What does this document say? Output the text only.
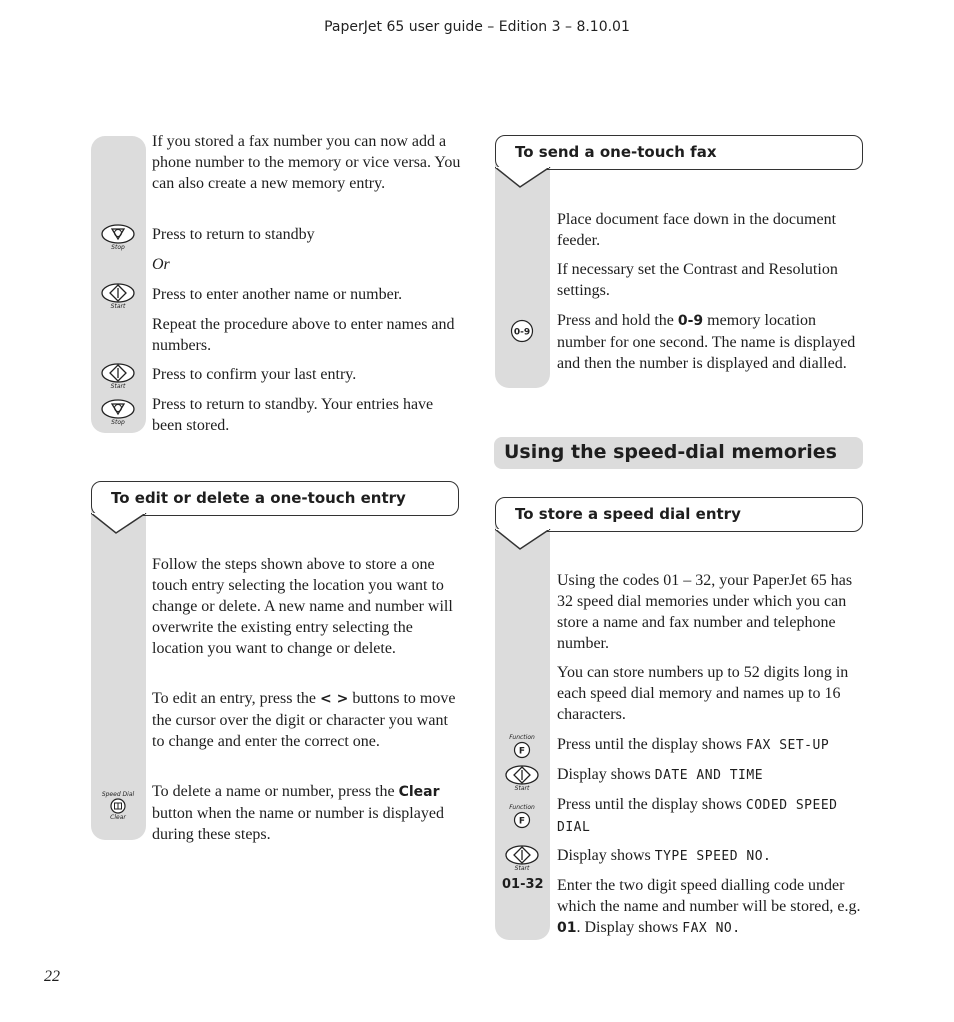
PaperJet 65 user guide – Edition 3 – 8.10.01
If you stored a fax number you can now add a phone number to the memory or vice versa. You can also create a new memory entry.
Stop
Press to return to standby
Or
Start
Press to enter another name or number.
Repeat the procedure above to enter names and numbers.
Start
Press to confirm your last entry.
Stop
Press to return to standby. Your entries have been stored.
To edit or delete a one-touch entry
Follow the steps shown above to store a one touch entry selecting the location you want to change or delete. A new name and number will overwrite the existing entry selecting the location you want to change or delete.
To edit an entry, press the < > buttons to move the cursor over the digit or character you want to change and enter the correct one.
Speed Dial
Clear
To delete a name or number, press the Clear button when the name or number is displayed during these steps.
To send a one-touch fax
Place document face down in the document feeder.
If necessary set the Contrast and Resolution settings.
0-9
Press and hold the 0-9 memory location number for one second. The name is displayed and then the number is displayed and dialled.
Using the speed-dial memories
To store a speed dial entry
Using the codes 01 – 32, your PaperJet 65 has 32 speed dial memories under which you can store a name and fax number and telephone number.
You can store numbers up to 52 digits long in each speed dial memory and names up to 16 characters.
Function
F Press until the display shows FAX SET-UP
Start
Display shows DATE AND TIME
Function
F
Press until the display shows CODED SPEED DIAL
Start
Display shows TYPE SPEED NO.
01-32 Enter the two digit speed dialling code under which the name and number will be stored, e.g. 01. Display shows FAX NO.
22
